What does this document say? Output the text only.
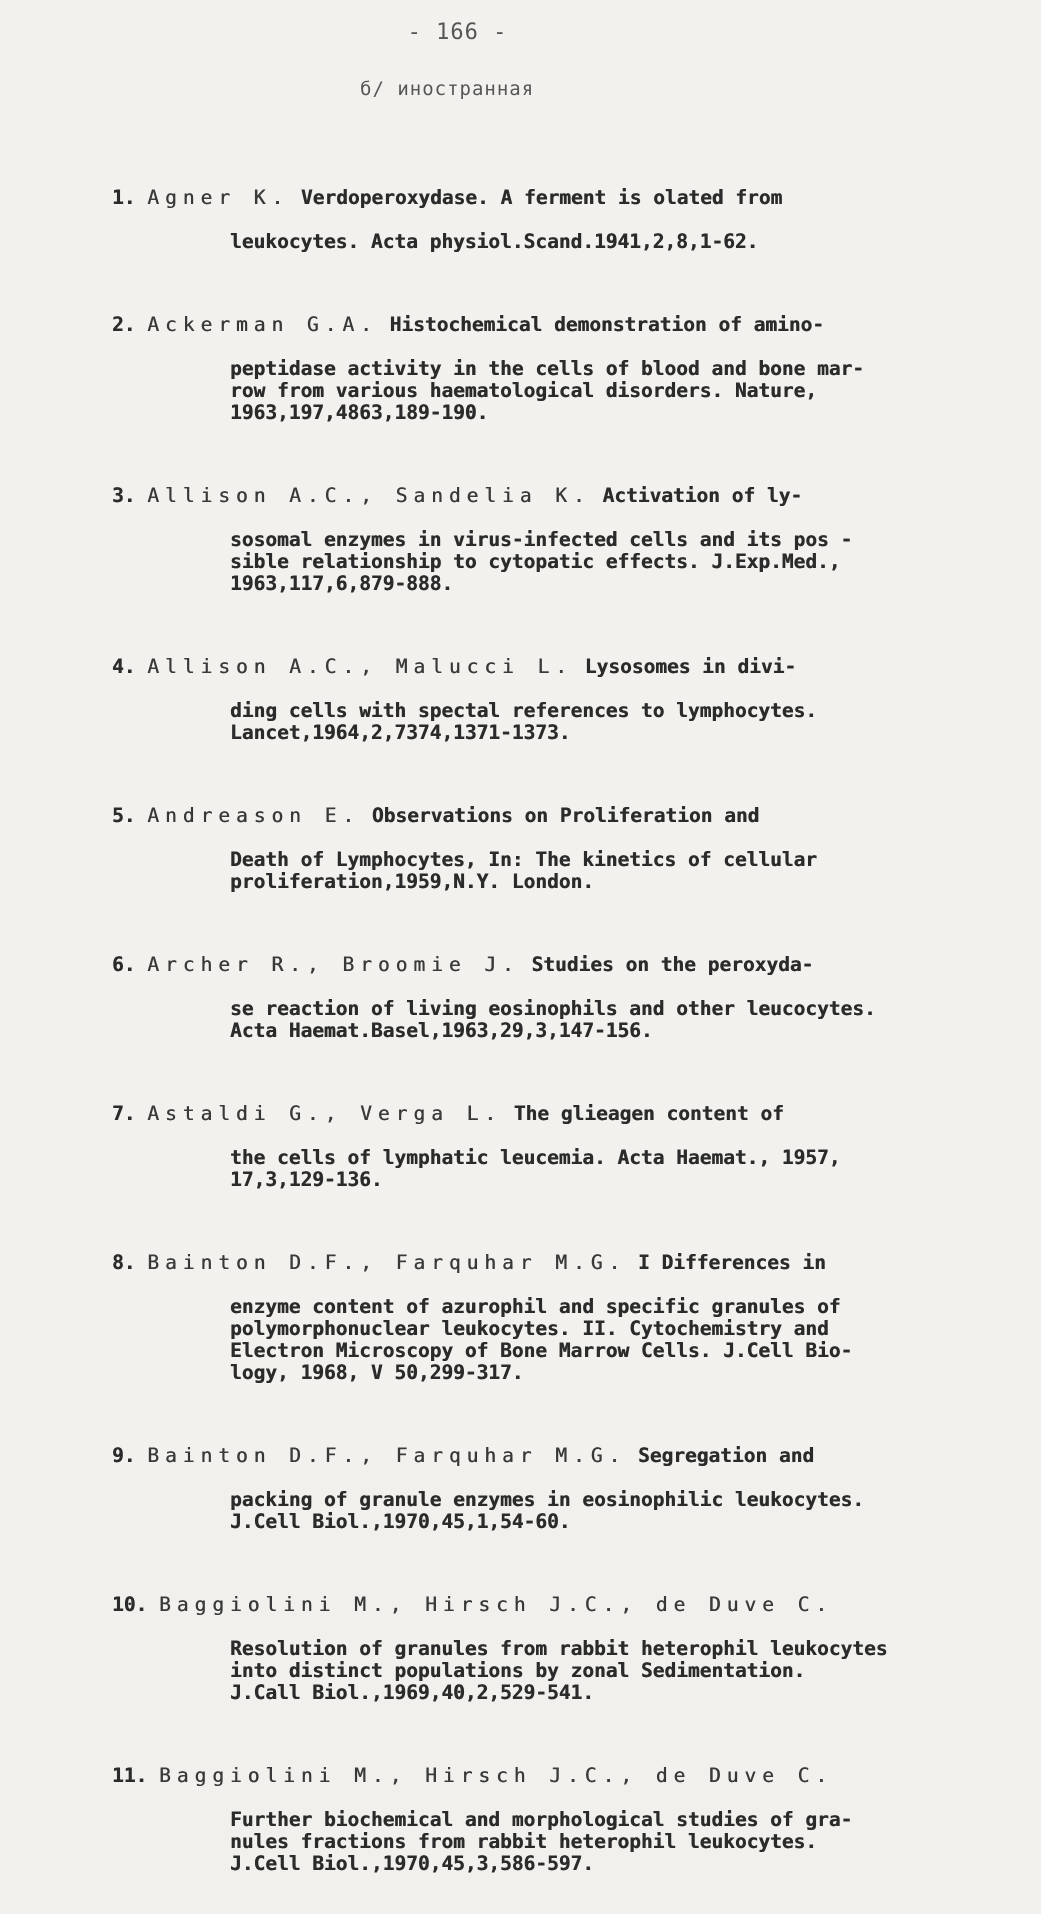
- 166 -
б/ иностранная

1. Agner K. Verdoperoxydase. A ferment is olated from

leukocytes. Acta physiol.Scand.1941,2,8,1-62.

2. Ackerman G.A. Histochemical demonstration of amino-

peptidase activity in the cells of blood and bone mar-
row from various haematological disorders. Nature,
1963,197,4863,189-190.

3. Allison A.C., Sandelia K. Activation of ly-

sosomal enzymes in virus-infected cells and its pos -
sible relationship to cytopatic effects. J.Exp.Med.,
1963,117,6,879-888.

4. Allison A.C., Malucci L. Lysosomes in divi-

ding cells with spectal references to lymphocytes.
Lancet,1964,2,7374,1371-1373.

5. Andreason E. Observations on Proliferation and

Death of Lymphocytes, In: The kinetics of cellular
proliferation,1959,N.Y. London.

6. Archer R., Broomie J. Studies on the peroxyda-

se reaction of living eosinophils and other leucocytes.
Acta Haemat.Basel,1963,29,3,147-156.

7. Astaldi G., Verga L. The glieagen content of

the cells of lymphatic leucemia. Acta Haemat., 1957,
17,3,129-136.

8. Bainton D.F., Farquhar M.G. I Differences in

enzyme content of azurophil and specific granules of
polymorphonuclear leukocytes. II. Cytochemistry and
Electron Microscopy of Bone Marrow Cells. J.Cell Bio-
logy, 1968, V 50,299-317.

9. Bainton D.F., Farquhar M.G. Segregation and

packing of granule enzymes in eosinophilic leukocytes.
J.Cell Biol.,1970,45,1,54-60.

10. Baggiolini M., Hirsch J.C., de Duve C.

Resolution of granules from rabbit heterophil leukocytes
into distinct populations by zonal Sedimentation.
J.Call Biol.,1969,40,2,529-541.

11. Baggiolini M., Hirsch J.C., de Duve C.

Further biochemical and morphological studies of gra-
nules fractions from rabbit heterophil leukocytes.
J.Cell Biol.,1970,45,3,586-597.
